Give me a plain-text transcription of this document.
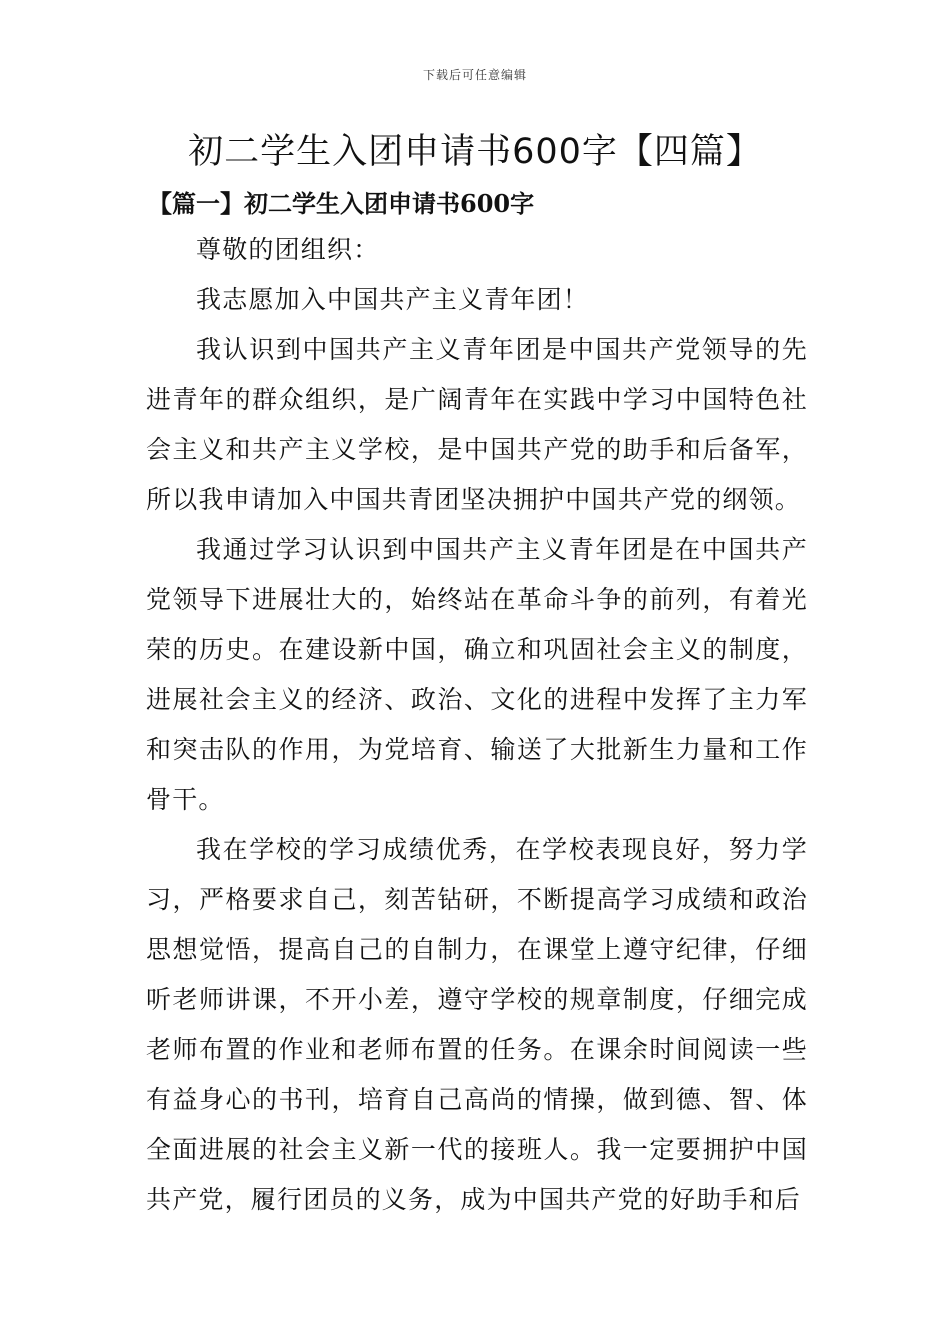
下载后可任意编辑
初二学生入团申请书600字【四篇】
【篇一】初二学生入团申请书600字

尊敬的团组织：

我志愿加入中国共产主义青年团！

我认识到中国共产主义青年团是中国共产党领导的先进青年的群众组织，是广阔青年在实践中学习中国特色社会主义和共产主义学校，是中国共产党的助手和后备军，所以我申请加入中国共青团坚决拥护中国共产党的纲领。

我通过学习认识到中国共产主义青年团是在中国共产党领导下进展壮大的，始终站在革命斗争的前列，有着光荣的历史。在建设新中国，确立和巩固社会主义的制度，进展社会主义的经济、政治、文化的进程中发挥了主力军和突击队的作用，为党培育、输送了大批新生力量和工作骨干。

我在学校的学习成绩优秀，在学校表现良好，努力学习，严格要求自己，刻苦钻研，不断提高学习成绩和政治思想觉悟，提高自己的自制力，在课堂上遵守纪律，仔细听老师讲课，不开小差，遵守学校的规章制度，仔细完成老师布置的作业和老师布置的任务。在课余时间阅读一些有益身心的书刊，培育自己高尚的情操，做到德、智、体全面进展的社会主义新一代的接班人。我一定要拥护中国共产党，履行团员的义务，成为中国共产党的好助手和后
